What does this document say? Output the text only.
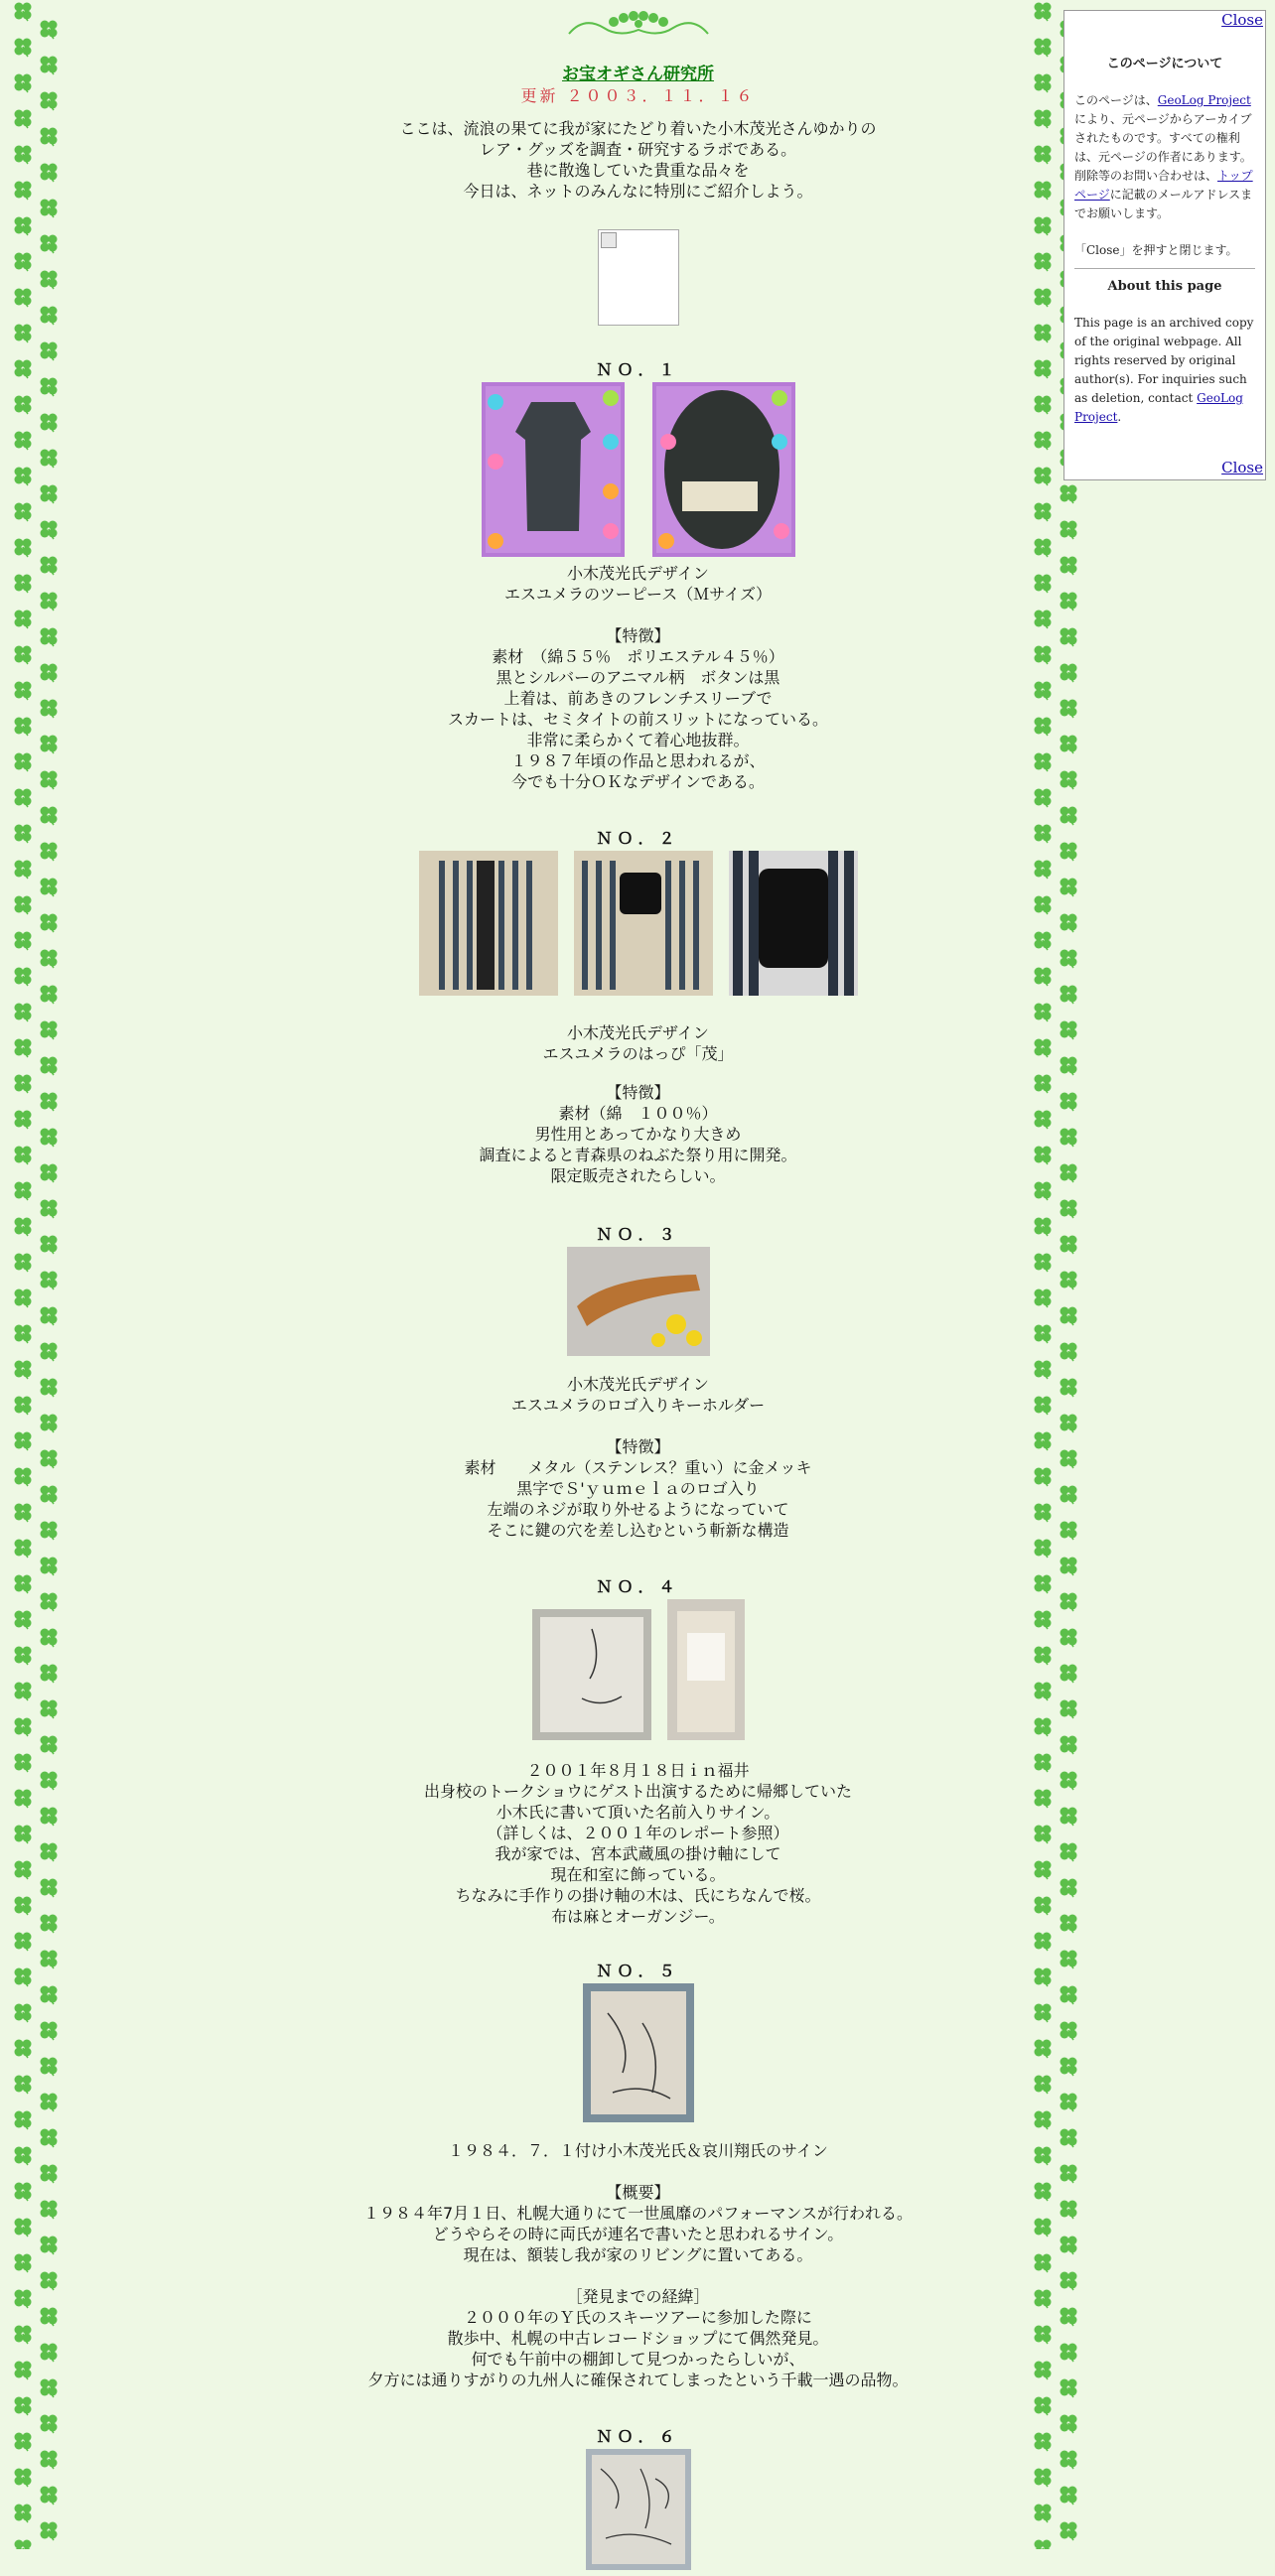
お宝オギさん研究所
更新 ２００３．１１．１６

ここは、流浪の果てに我が家にたどり着いた小木茂光さんゆかりの

レア・グッズを調査・研究するラボである。

巷に散逸していた貴重な品々を

今日は、ネットのみんなに特別にご紹介しよう。

ＮＯ．１

小木茂光氏デザイン

エスユメラのツーピース（Ｍサイズ）

【特徴】

素材　（綿５５％　ポリエステル４５％）

黒とシルバーのアニマル柄　ボタンは黒

上着は、前あきのフレンチスリーブで

スカートは、セミタイトの前スリットになっている。

非常に柔らかくて着心地抜群。

１９８７年頃の作品と思われるが、

今でも十分ＯＫなデザインである。

ＮＯ．２

小木茂光氏デザイン

エスユメラのはっぴ「茂」

【特徴】

素材（綿　１００％）

男性用とあってかなり大きめ

調査によると青森県のねぶた祭り用に開発。

限定販売されたらしい。

ＮＯ．３

小木茂光氏デザイン

エスユメラのロゴ入りキーホルダー

【特徴】

素材　　メタル（ステンレス？重い）に金メッキ

黒字でＳ'ｙｕｍｅｌａのロゴ入り

左端のネジが取り外せるようになっていて

そこに鍵の穴を差し込むという斬新な構造

ＮＯ．４

２００１年８月１８日ｉｎ福井

出身校のトークショウにゲスト出演するために帰郷していた

小木氏に書いて頂いた名前入りサイン。

（詳しくは、２００１年のレポート参照）

我が家では、宮本武蔵風の掛け軸にして

現在和室に飾っている。

ちなみに手作りの掛け軸の木は、氏にちなんで桜。

布は麻とオーガンジー。

ＮＯ．５

１９８４．７．１付け小木茂光氏＆哀川翔氏のサイン

【概要】

１９８４年7月１日、札幌大通りにて一世風靡のパフォーマンスが行われる。

どうやらその時に両氏が連名で書いたと思われるサイン。

現在は、額装し我が家のリビングに置いてある。

［発見までの経緯］

２０００年のＹ氏のスキーツアーに参加した際に

散歩中、札幌の中古レコードショップにて偶然発見。

何でも午前中の棚卸して見つかったらしいが、

夕方には通りすがりの九州人に確保されてしまったという千載一遇の品物。

ＮＯ．６
Close
このページについて

このページは、GeoLog Projectにより、元ページからアーカイブされたものです。すべての権利は、元ページの作者にあります。削除等のお問い合わせは、トップページに記載のメールアドレスまでお願いします。

「Close」を押すと閉じます。

About this page

This page is an archived copy of the original webpage. All rights reserved by original author(s). For inquiries such as deletion, contact GeoLog Project.

Close
